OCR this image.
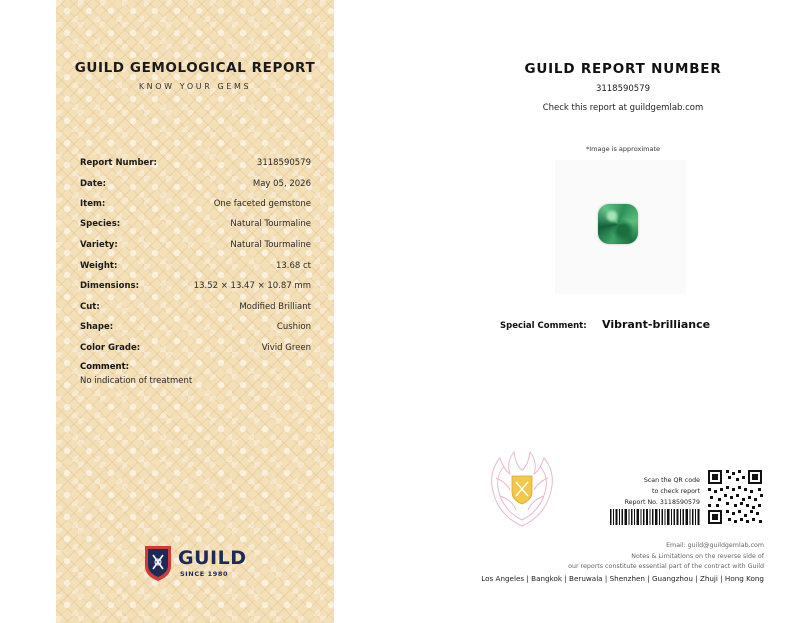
GUILD GEMOLOGICAL REPORT
KNOW YOUR GEMS
Report Number:	3118590579
Date:	May 05, 2026
Item:	One faceted gemstone
Species:	Natural Tourmaline
Variety:	Natural Tourmaline
Weight:	13.68 ct
Dimensions:	13.52 × 13.47 × 10.87 mm
Cut:	Modified Brilliant
Shape:	Cushion
Color Grade:	Vivid Green
Comment:
No indication of treatment
GUILD
SINCE 1980
GUILD REPORT NUMBER
3118590579
Check this report at guildgemlab.com
*Image is approximate
Special Comment: Vibrant-brilliance
Scan the QR code
to check report
Report No. 3118590579
Email: guild@guildgemlab.com
Notes & Limitations on the reverse side of
our reports constitute essential part of the contract with Guild
Los Angeles | Bangkok | Beruwala | Shenzhen | Guangzhou | Zhuji | Hong Kong
